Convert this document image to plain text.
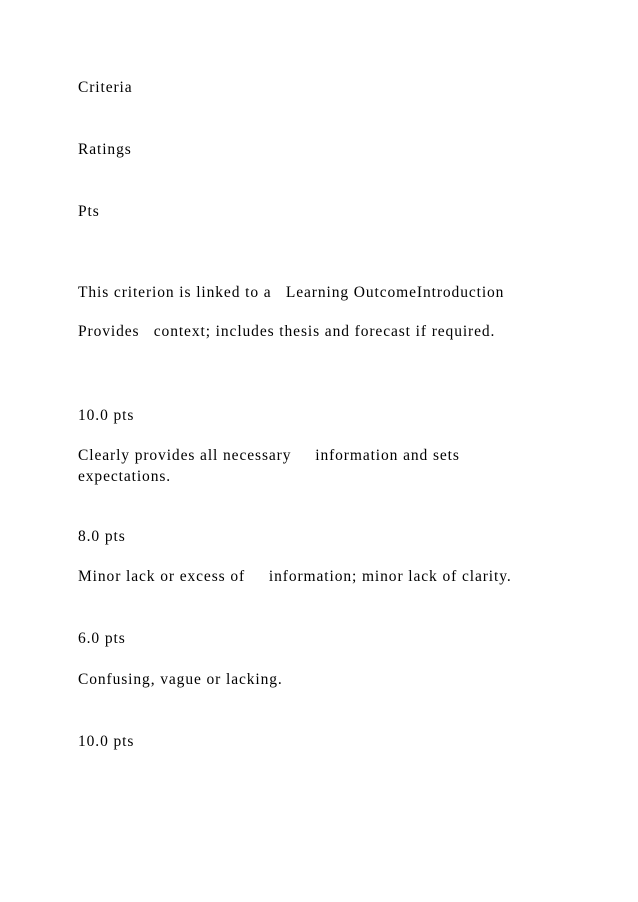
Criteria
Ratings
Pts
This criterion is linked to a   Learning OutcomeIntroduction
Provides   context; includes thesis and forecast if required.
10.0 pts
Clearly provides all necessary     information and sets expectations.
8.0 pts
Minor lack or excess of     information; minor lack of clarity.
6.0 pts
Confusing, vague or lacking.
10.0 pts
